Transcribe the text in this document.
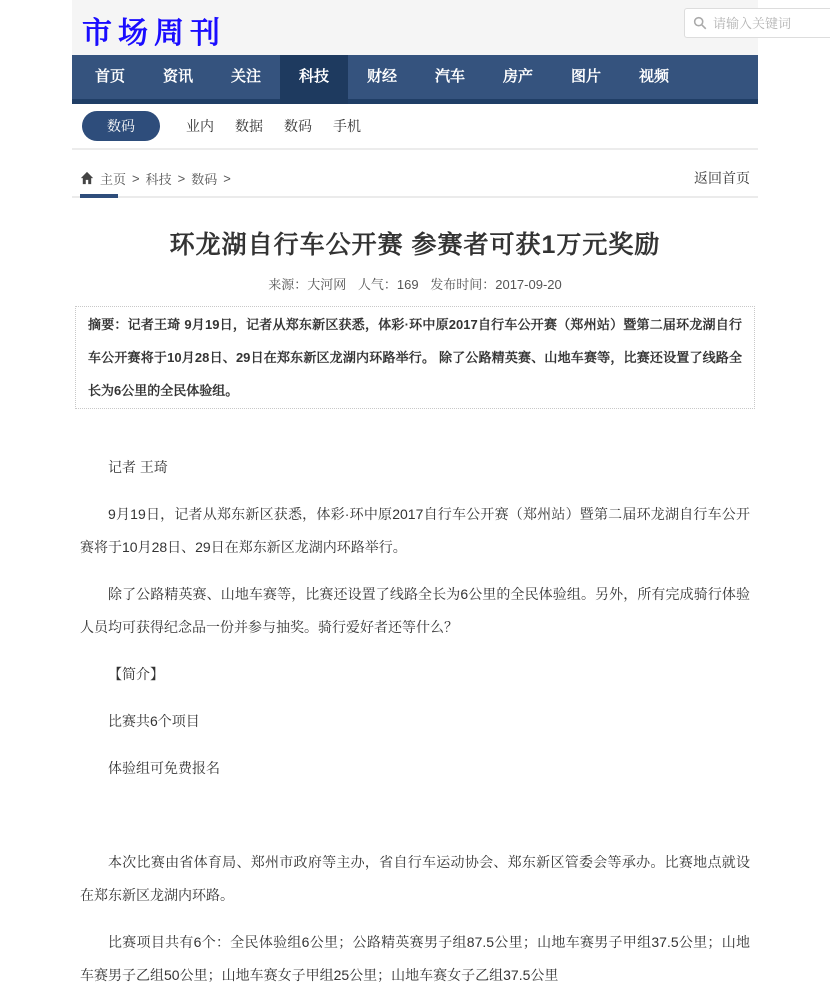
市场周刊
请输入关键词
首页	资讯	关注	科技	财经	汽车	房产	图片	视频
数码	业内 数据 数码 手机
主页 > 科技 > 数码 >	返回首页
环龙湖自行车公开赛 参赛者可获1万元奖励
来源：大河网 人气：169 发布时间：2017-09-20
摘要：记者王琦 9月19日，记者从郑东新区获悉，体彩·环中原2017自行车公开赛（郑州站）暨第二届环龙湖自行车公开赛将于10月28日、29日在郑东新区龙湖内环路举行。 除了公路精英赛、山地车赛等，比赛还设置了线路全长为6公里的全民体验组。

记者 王琦

9月19日，记者从郑东新区获悉，体彩·环中原2017自行车公开赛（郑州站）暨第二届环龙湖自行车公开赛将于10月28日、29日在郑东新区龙湖内环路举行。

除了公路精英赛、山地车赛等，比赛还设置了线路全长为6公里的全民体验组。另外，所有完成骑行体验人员均可获得纪念品一份并参与抽奖。骑行爱好者还等什么？

【简介】

比赛共6个项目

体验组可免费报名

本次比赛由省体育局、郑州市政府等主办，省自行车运动协会、郑东新区管委会等承办。比赛地点就设在郑东新区龙湖内环路。

比赛项目共有6个：全民体验组6公里；公路精英赛男子组87.5公里；山地车赛男子甲组37.5公里；山地车赛男子乙组50公里；山地车赛女子甲组25公里；山地车赛女子乙组37.5公里
